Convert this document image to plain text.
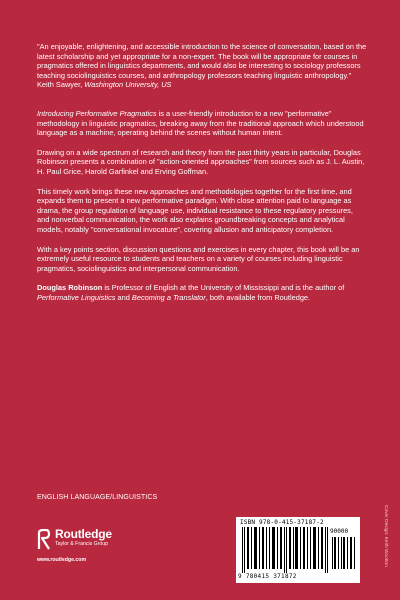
"An enjoyable, enlightening, and accessible introduction to the science of conversation, based on the latest scholarship and yet appropriate for a non-expert. The book will be appropriate for courses in pragmatics offered in linguistics departments, and would also be interesting to sociology professors teaching sociolinguistics courses, and anthropology professors teaching linguistic anthropology."
Keith Sawyer, Washington University, US

Introducing Performative Pragmatics is a user-friendly introduction to a new "performative" methodology in linguistic pragmatics, breaking away from the traditional approach which understood language as a machine, operating behind the scenes without human intent.

Drawing on a wide spectrum of research and theory from the past thirty years in particular, Douglas Robinson presents a combination of "action-oriented approaches" from sources such as J. L. Austin, H. Paul Grice, Harold Garfinkel and Erving Goffman.

This timely work brings these new approaches and methodologies together for the first time, and expands them to present a new performative paradigm. With close attention paid to language as drama, the group regulation of language use, individual resistance to these regulatory pressures, and nonverbal communication, the work also explains groundbreaking concepts and analytical models, notably "conversational invocature", covering allusion and anticipatory completion.

With a key points section, discussion questions and exercises in every chapter, this book will be an extremely useful resource to students and teachers on a variety of courses including linguistic pragmatics, sociolinguistics and interpersonal communication.

Douglas Robinson is Professor of English at the University of Mississippi and is the author of Performative Linguistics and Becoming a Translator, both available from Routledge.

ENGLISH LANGUAGE/LINGUISTICS
Routledge
Taylor & Francis Group
www.routledge.com
ISBN 978-0-415-37187-2
90000
9 780415 371872
Cover Design: Keith Wootton
